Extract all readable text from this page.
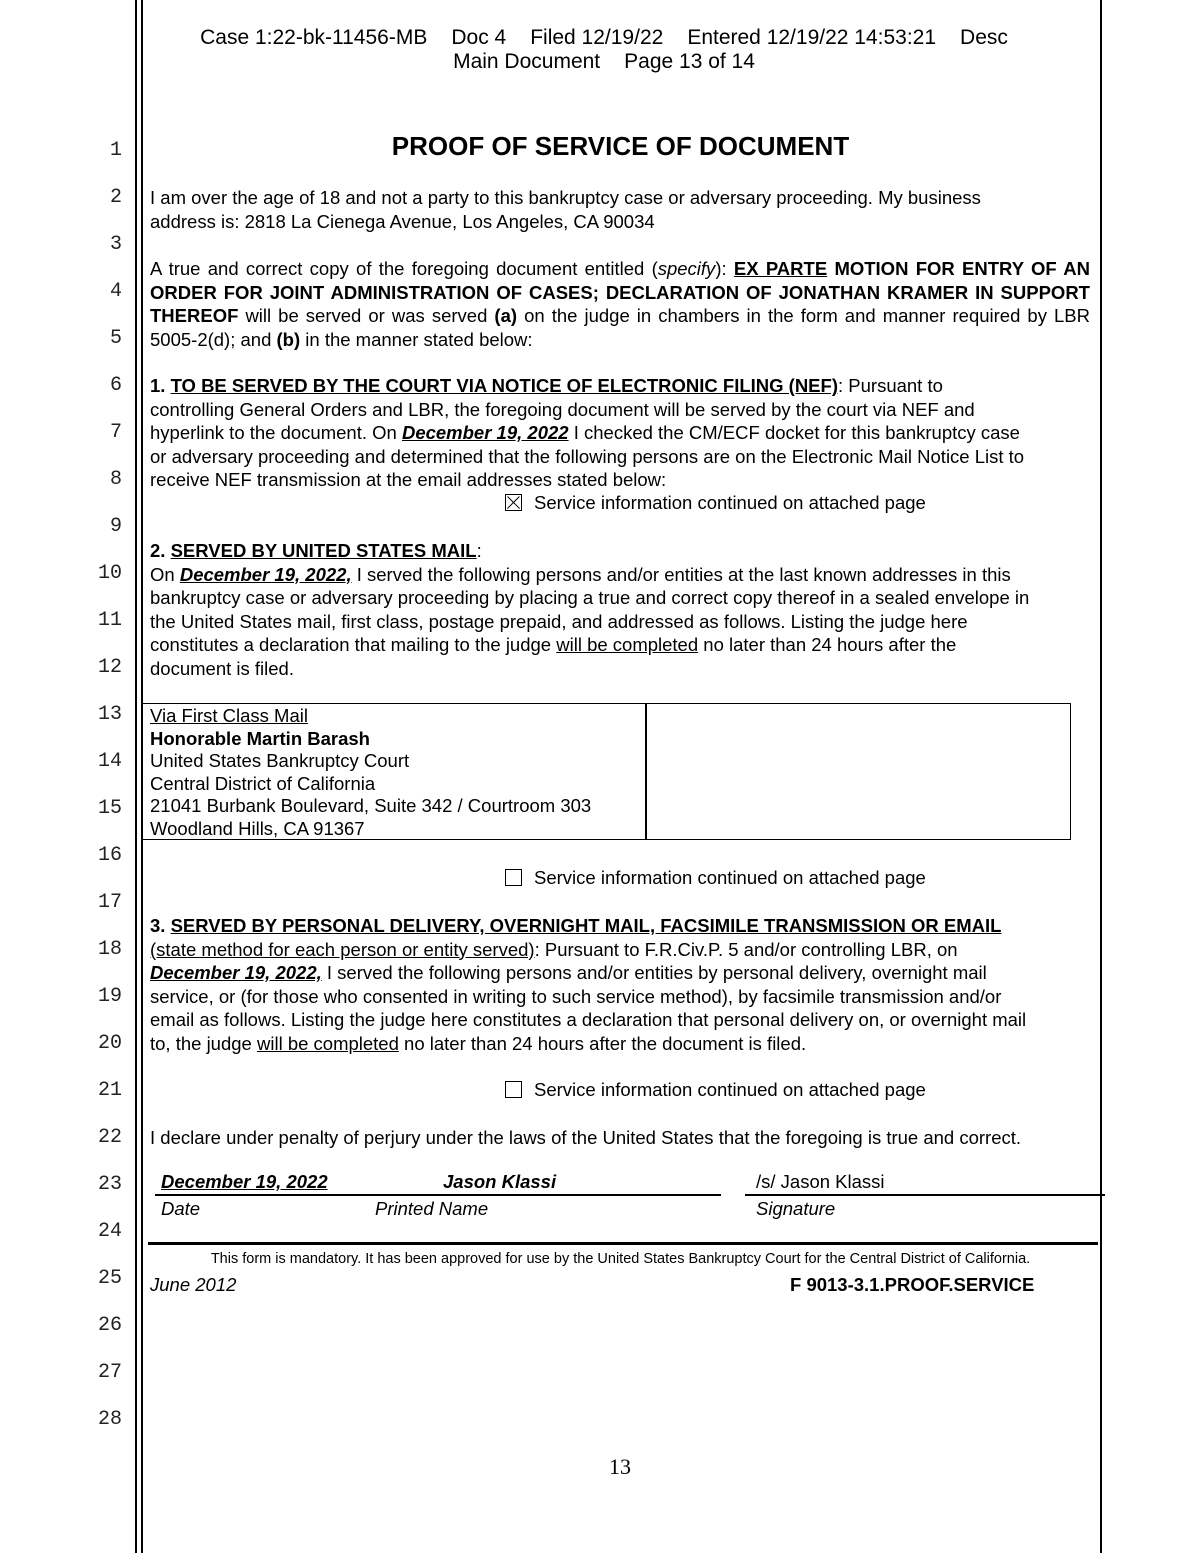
1
2
3
4
5
6
7
8
9
10
11
12
13
14
15
16
17
18
19
20
21
22
23
24
25
26
27
28
Case 1:22-bk-11456-MB Doc 4 Filed 12/19/22 Entered 12/19/22 14:53:21 Desc
Main Document Page 13 of 14
PROOF OF SERVICE OF DOCUMENT
I am over the age of 18 and not a party to this bankruptcy case or adversary proceeding. My business
address is: 2818 La Cienega Avenue, Los Angeles, CA 90034
A true and correct copy of the foregoing document entitled (specify): EX PARTE MOTION FOR ENTRY OF AN ORDER FOR JOINT ADMINISTRATION OF CASES; DECLARATION OF JONATHAN KRAMER IN SUPPORT THEREOF will be served or was served (a) on the judge in chambers in the form and manner required by LBR 5005-2(d); and (b) in the manner stated below:
1. TO BE SERVED BY THE COURT VIA NOTICE OF ELECTRONIC FILING (NEF): Pursuant to
controlling General Orders and LBR, the foregoing document will be served by the court via NEF and
hyperlink to the document. On December 19, 2022 I checked the CM/ECF docket for this bankruptcy case
or adversary proceeding and determined that the following persons are on the Electronic Mail Notice List to
receive NEF transmission at the email addresses stated below:
Service information continued on attached page
2. SERVED BY UNITED STATES MAIL:
On December 19, 2022, I served the following persons and/or entities at the last known addresses in this
bankruptcy case or adversary proceeding by placing a true and correct copy thereof in a sealed envelope in
the United States mail, first class, postage prepaid, and addressed as follows. Listing the judge here
constitutes a declaration that mailing to the judge will be completed no later than 24 hours after the
document is filed.
Via First Class Mail
Honorable Martin Barash
United States Bankruptcy Court
Central District of California
21041 Burbank Boulevard, Suite 342 / Courtroom 303
Woodland Hills, CA 91367
Service information continued on attached page
3. SERVED BY PERSONAL DELIVERY, OVERNIGHT MAIL, FACSIMILE TRANSMISSION OR EMAIL
(state method for each person or entity served): Pursuant to F.R.Civ.P. 5 and/or controlling LBR, on
December 19, 2022, I served the following persons and/or entities by personal delivery, overnight mail
service, or (for those who consented in writing to such service method), by facsimile transmission and/or
email as follows. Listing the judge here constitutes a declaration that personal delivery on, or overnight mail
to, the judge will be completed no later than 24 hours after the document is filed.
Service information continued on attached page
I declare under penalty of perjury under the laws of the United States that the foregoing is true and correct.
December 19, 2022	Jason Klassi	/s/ Jason Klassi
Date	Printed Name	Signature
This form is mandatory. It has been approved for use by the United States Bankruptcy Court for the Central District of California.
June 2012	F 9013-3.1.PROOF.SERVICE
13
